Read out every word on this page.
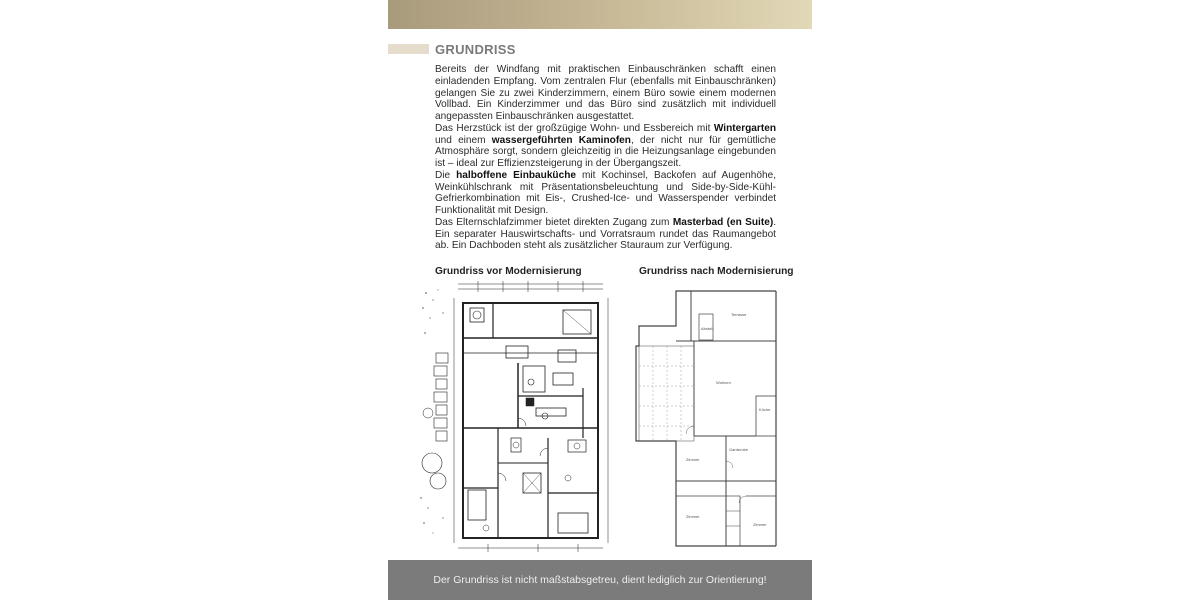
GRUNDRISS

Bereits der Windfang mit praktischen Einbauschränken schafft einen einladenden Empfang. Vom zentralen Flur (ebenfalls mit Einbauschränken) gelangen Sie zu zwei Kinderzimmern, einem Büro sowie einem modernen Vollbad. Ein Kinderzimmer und das Büro sind zusätzlich mit individuell angepassten Einbauschränken ausgestattet.

Das Herzstück ist der großzügige Wohn- und Essbereich mit Wintergarten und einem wassergeführten Kaminofen, der nicht nur für gemütliche Atmosphäre sorgt, sondern gleichzeitig in die Heizungsanlage eingebunden ist – ideal zur Effizienzsteigerung in der Übergangszeit.

Die halboffene Einbauküche mit Kochinsel, Backofen auf Augenhöhe, Weinkühlschrank mit Präsentationsbeleuchtung und Side-by-Side-Kühl-Gefrierkombination mit Eis-, Crushed-Ice- und Wasserspender verbindet Funktionalität mit Design.

Das Elternschlafzimmer bietet direkten Zugang zum Masterbad (en Suite). Ein separater Hauswirtschafts- und Vorratsraum rundet das Raumangebot ab. Ein Dachboden steht als zusätzlicher Stauraum zur Verfügung.

Grundriss vor Modernisierung	Grundriss nach Modernisierung
Terrasse
Abstell.
Wohnen
Küche
Garderobe
Zimmer
Zimmer
Zimmer
Der Grundriss ist nicht maßstabsgetreu, dient lediglich zur Orientierung!
